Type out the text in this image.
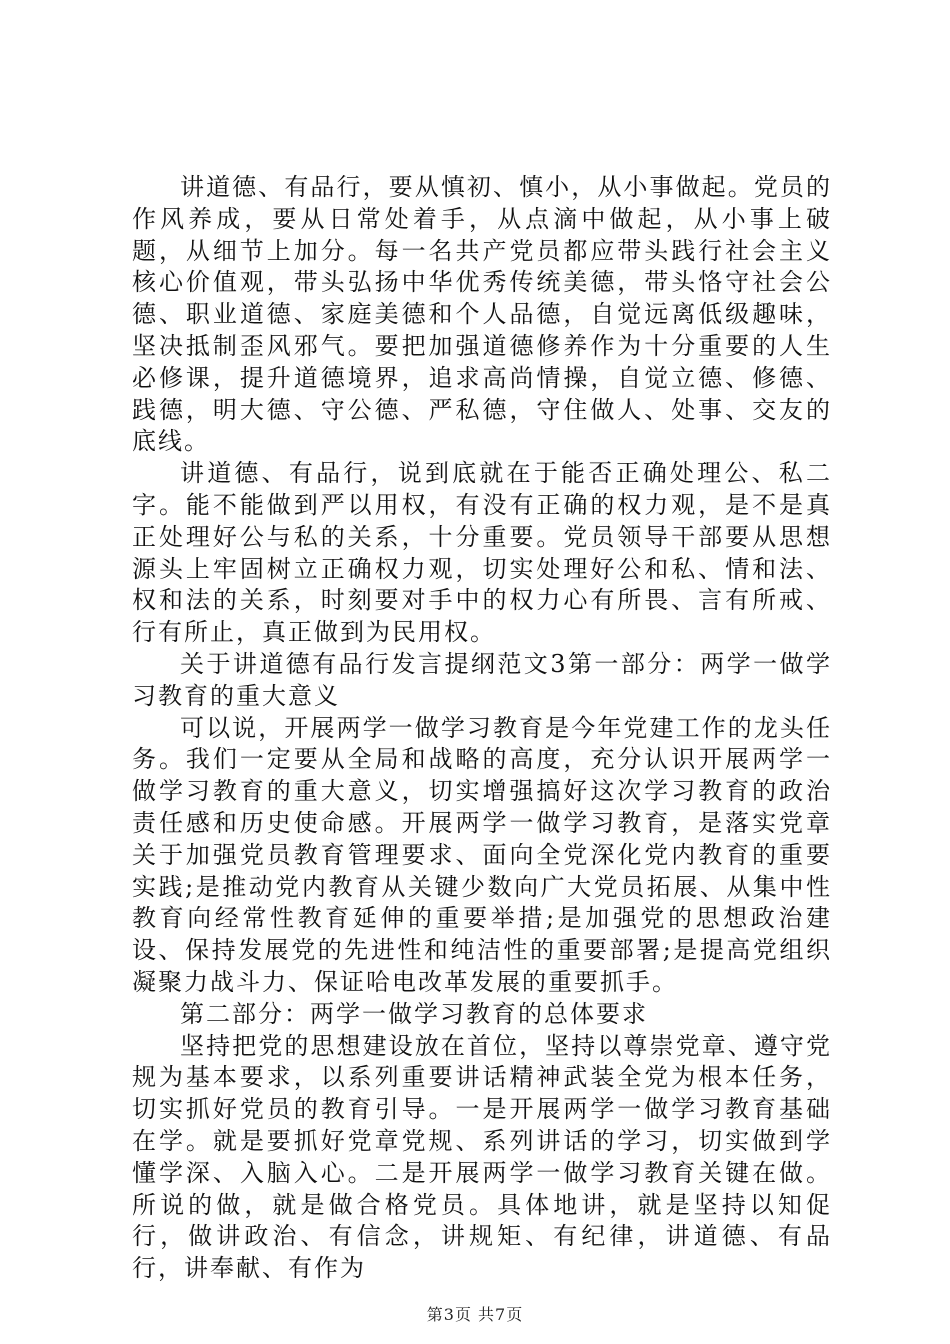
讲道德、有品行，要从慎初、慎小，从小事做起。党员的作风养成，要从日常处着手，从点滴中做起，从小事上破题，从细节上加分。每一名共产党员都应带头践行社会主义核心价值观，带头弘扬中华优秀传统美德，带头恪守社会公德、职业道德、家庭美德和个人品德，自觉远离低级趣味，坚决抵制歪风邪气。要把加强道德修养作为十分重要的人生必修课，提升道德境界，追求高尚情操，自觉立德、修德、践德，明大德、守公德、严私德，守住做人、处事、交友的底线。

讲道德、有品行，说到底就在于能否正确处理公、私二字。能不能做到严以用权，有没有正确的权力观，是不是真正处理好公与私的关系，十分重要。党员领导干部要从思想源头上牢固树立正确权力观，切实处理好公和私、情和法、权和法的关系，时刻要对手中的权力心有所畏、言有所戒、行有所止，真正做到为民用权。

关于讲道德有品行发言提纲范文3第一部分：两学一做学习教育的重大意义

可以说，开展两学一做学习教育是今年党建工作的龙头任务。我们一定要从全局和战略的高度，充分认识开展两学一做学习教育的重大意义，切实增强搞好这次学习教育的政治责任感和历史使命感。开展两学一做学习教育，是落实党章关于加强党员教育管理要求、面向全党深化党内教育的重要实践;是推动党内教育从关键少数向广大党员拓展、从集中性教育向经常性教育延伸的重要举措;是加强党的思想政治建设、保持发展党的先进性和纯洁性的重要部署;是提高党组织凝聚力战斗力、保证哈电改革发展的重要抓手。

第二部分：两学一做学习教育的总体要求

坚持把党的思想建设放在首位，坚持以尊崇党章、遵守党规为基本要求，以系列重要讲话精神武装全党为根本任务，切实抓好党员的教育引导。一是开展两学一做学习教育基础在学。就是要抓好党章党规、系列讲话的学习，切实做到学懂学深、入脑入心。二是开展两学一做学习教育关键在做。所说的做，就是做合格党员。具体地讲，就是坚持以知促行，做讲政治、有信念，讲规矩、有纪律，讲道德、有品行，讲奉献、有作为

第3页 共7页
